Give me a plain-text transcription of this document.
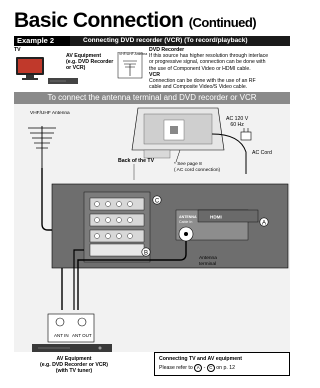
Basic Connection (Continued)
Example 2	Connecting DVD recorder (VCR) (To record/playback)
TV
VHF/UHF Antenna
AV Equipment
(e.g. DVD Recorder
or VCR)
DVD Recorder
If this source has higher resolution through interlace
or progressive signal, connection can be done with
the use of Component Video or HDMI cable.
VCR
Connection can be done with the use of an RF
cable and Composite Video/S Video cable.
To connect the antenna terminal and DVD recorder or VCR
A
C
B
ANT IN ANT OUT
HDMI
ANTENNA
Cable In
VHF/UHF Antenna
Back of the TV
AC 120 V
60 Hz
AC Cord
* See page 8
( AC cord connection)
Antenna
terminal
AV Equipment
(e.g. DVD Recorder or VCR)
(with TV tuner)
Connecting TV and AV equipment
Please refer to A - C on p. 12
